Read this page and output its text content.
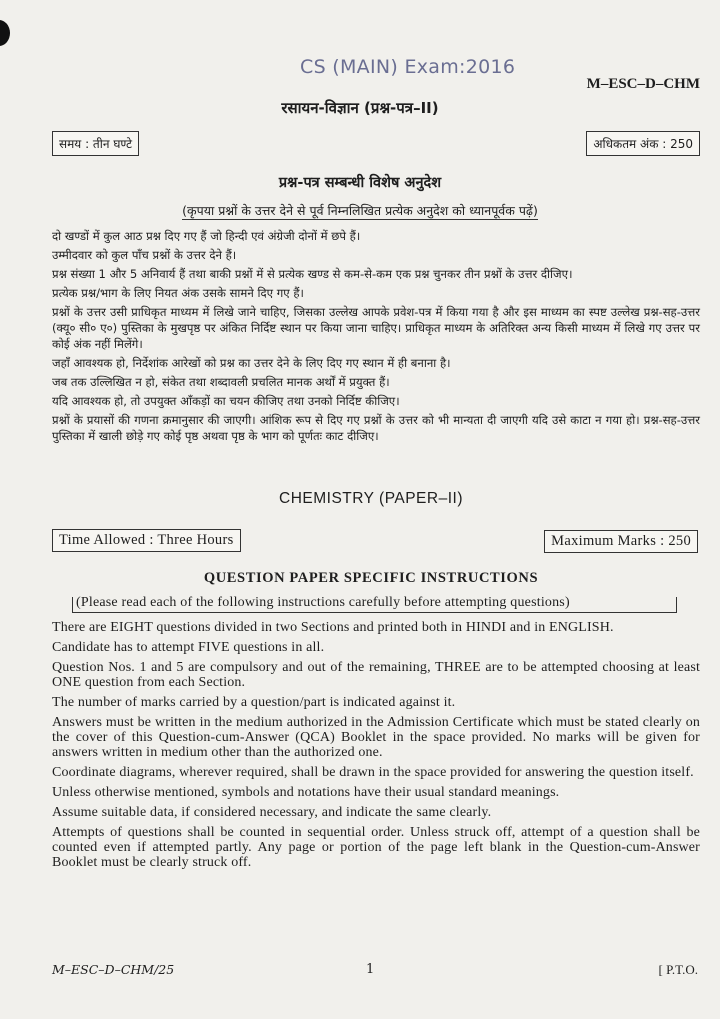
CS (MAIN) Exam:2016
M–ESC–D–CHM
रसायन-विज्ञान (प्रश्न-पत्र–II)
समय : तीन घण्टे	अधिकतम अंक : 250
प्रश्न-पत्र सम्बन्धी विशेष अनुदेश
(कृपया प्रश्नों के उत्तर देने से पूर्व निम्नलिखित प्रत्येक अनुदेश को ध्यानपूर्वक पढ़ें)

दो खण्डों में कुल आठ प्रश्न दिए गए हैं जो हिन्दी एवं अंग्रेजी दोनों में छपे हैं।

उम्मीदवार को कुल पाँच प्रश्नों के उत्तर देने हैं।

प्रश्न संख्या 1 और 5 अनिवार्य हैं तथा बाकी प्रश्नों में से प्रत्येक खण्ड से कम-से-कम एक प्रश्न चुनकर तीन प्रश्नों के उत्तर दीजिए।

प्रत्येक प्रश्न/भाग के लिए नियत अंक उसके सामने दिए गए हैं।

प्रश्नों के उत्तर उसी प्राधिकृत माध्यम में लिखे जाने चाहिए, जिसका उल्लेख आपके प्रवेश-पत्र में किया गया है और इस माध्यम का स्पष्ट उल्लेख प्रश्न-सह-उत्तर (क्यू० सी० ए०) पुस्तिका के मुखपृष्ठ पर अंकित निर्दिष्ट स्थान पर किया जाना चाहिए। प्राधिकृत माध्यम के अतिरिक्त अन्य किसी माध्यम में लिखे गए उत्तर पर कोई अंक नहीं मिलेंगे।

जहाँ आवश्यक हो, निर्देशांक आरेखों को प्रश्न का उत्तर देने के लिए दिए गए स्थान में ही बनाना है।

जब तक उल्लिखित न हो, संकेत तथा शब्दावली प्रचलित मानक अर्थों में प्रयुक्त हैं।

यदि आवश्यक हो, तो उपयुक्त आँकड़ों का चयन कीजिए तथा उनको निर्दिष्ट कीजिए।

प्रश्नों के प्रयासों की गणना क्रमानुसार की जाएगी। आंशिक रूप से दिए गए प्रश्नों के उत्तर को भी मान्यता दी जाएगी यदि उसे काटा न गया हो। प्रश्न-सह-उत्तर पुस्तिका में खाली छोड़े गए कोई पृष्ठ अथवा पृष्ठ के भाग को पूर्णतः काट दीजिए।

CHEMISTRY (PAPER–II)
Time Allowed : Three Hours	Maximum Marks : 250
QUESTION PAPER SPECIFIC INSTRUCTIONS
(Please read each of the following instructions carefully before attempting questions)

There are EIGHT questions divided in two Sections and printed both in HINDI and in ENGLISH.

Candidate has to attempt FIVE questions in all.

Question Nos. 1 and 5 are compulsory and out of the remaining, THREE are to be attempted choosing at least ONE question from each Section.

The number of marks carried by a question/part is indicated against it.

Answers must be written in the medium authorized in the Admission Certificate which must be stated clearly on the cover of this Question-cum-Answer (QCA) Booklet in the space provided. No marks will be given for answers written in medium other than the authorized one.

Coordinate diagrams, wherever required, shall be drawn in the space provided for answering the question itself.

Unless otherwise mentioned, symbols and notations have their usual standard meanings.

Assume suitable data, if considered necessary, and indicate the same clearly.

Attempts of questions shall be counted in sequential order. Unless struck off, attempt of a question shall be counted even if attempted partly. Any page or portion of the page left blank in the Question-cum-Answer Booklet must be clearly struck off.

M–ESC–D–CHM/25	1	[ P.T.O.
